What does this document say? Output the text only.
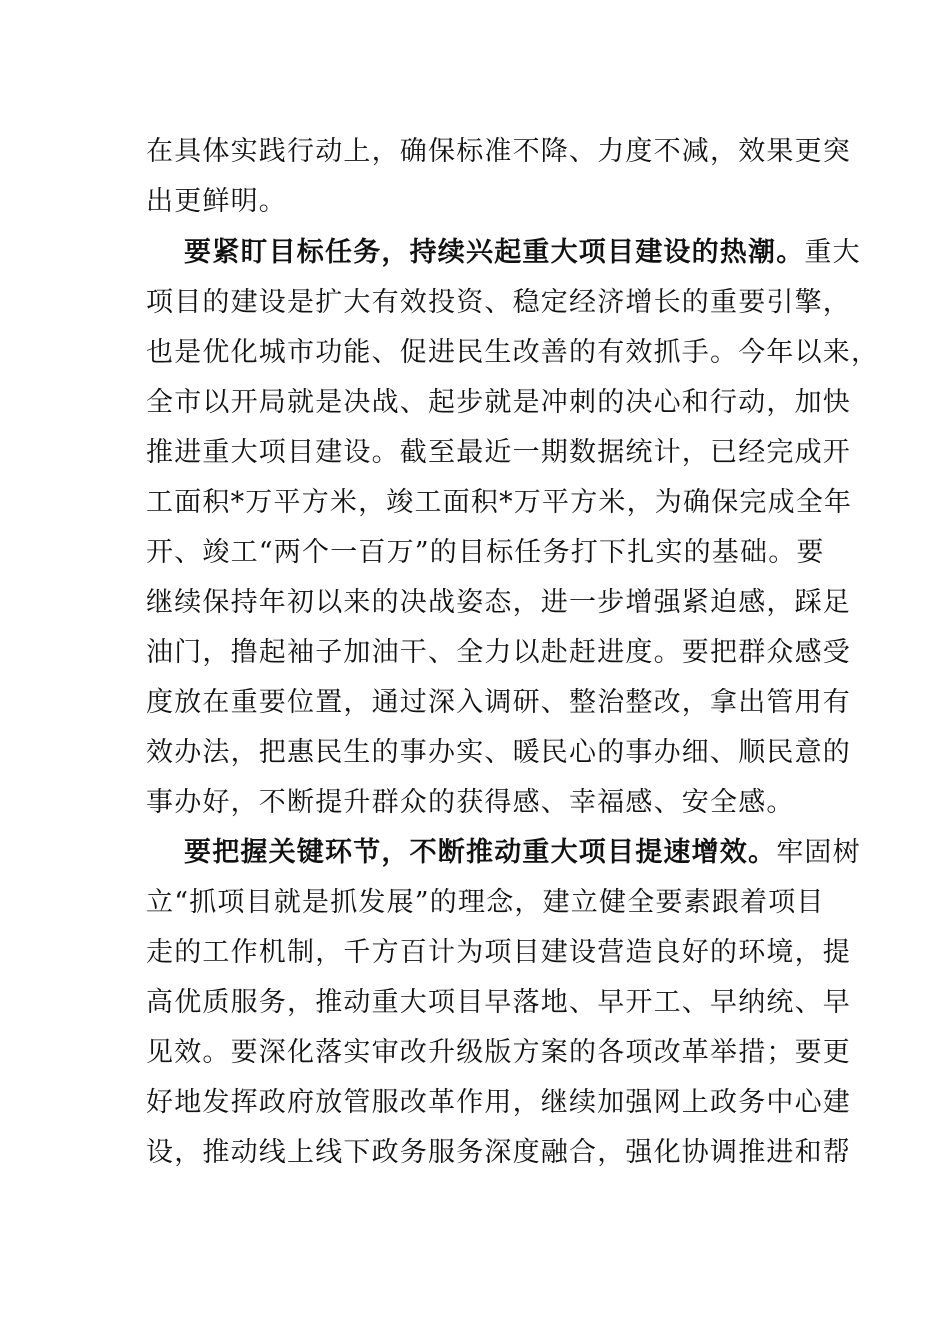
在具体实践行动上，确保标准不降、力度不减，效果更突
出更鲜明。
要紧盯目标任务，持续兴起重大项目建设的热潮。重大
项目的建设是扩大有效投资、稳定经济增长的重要引擎，
也是优化城市功能、促进民生改善的有效抓手。今年以来，
全市以开局就是决战、起步就是冲刺的决心和行动，加快
推进重大项目建设。截至最近一期数据统计，已经完成开
工面积*万平方米，竣工面积*万平方米，为确保完成全年
开、竣工“两个一百万”的目标任务打下扎实的基础。要
继续保持年初以来的决战姿态，进一步增强紧迫感，踩足
油门，撸起袖子加油干、全力以赴赶进度。要把群众感受
度放在重要位置，通过深入调研、整治整改，拿出管用有
效办法，把惠民生的事办实、暖民心的事办细、顺民意的
事办好，不断提升群众的获得感、幸福感、安全感。
要把握关键环节，不断推动重大项目提速增效。牢固树
立“抓项目就是抓发展”的理念，建立健全要素跟着项目
走的工作机制，千方百计为项目建设营造良好的环境，提
高优质服务，推动重大项目早落地、早开工、早纳统、早
见效。要深化落实审改升级版方案的各项改革举措；要更
好地发挥政府放管服改革作用，继续加强网上政务中心建
设，推动线上线下政务服务深度融合，强化协调推进和帮
